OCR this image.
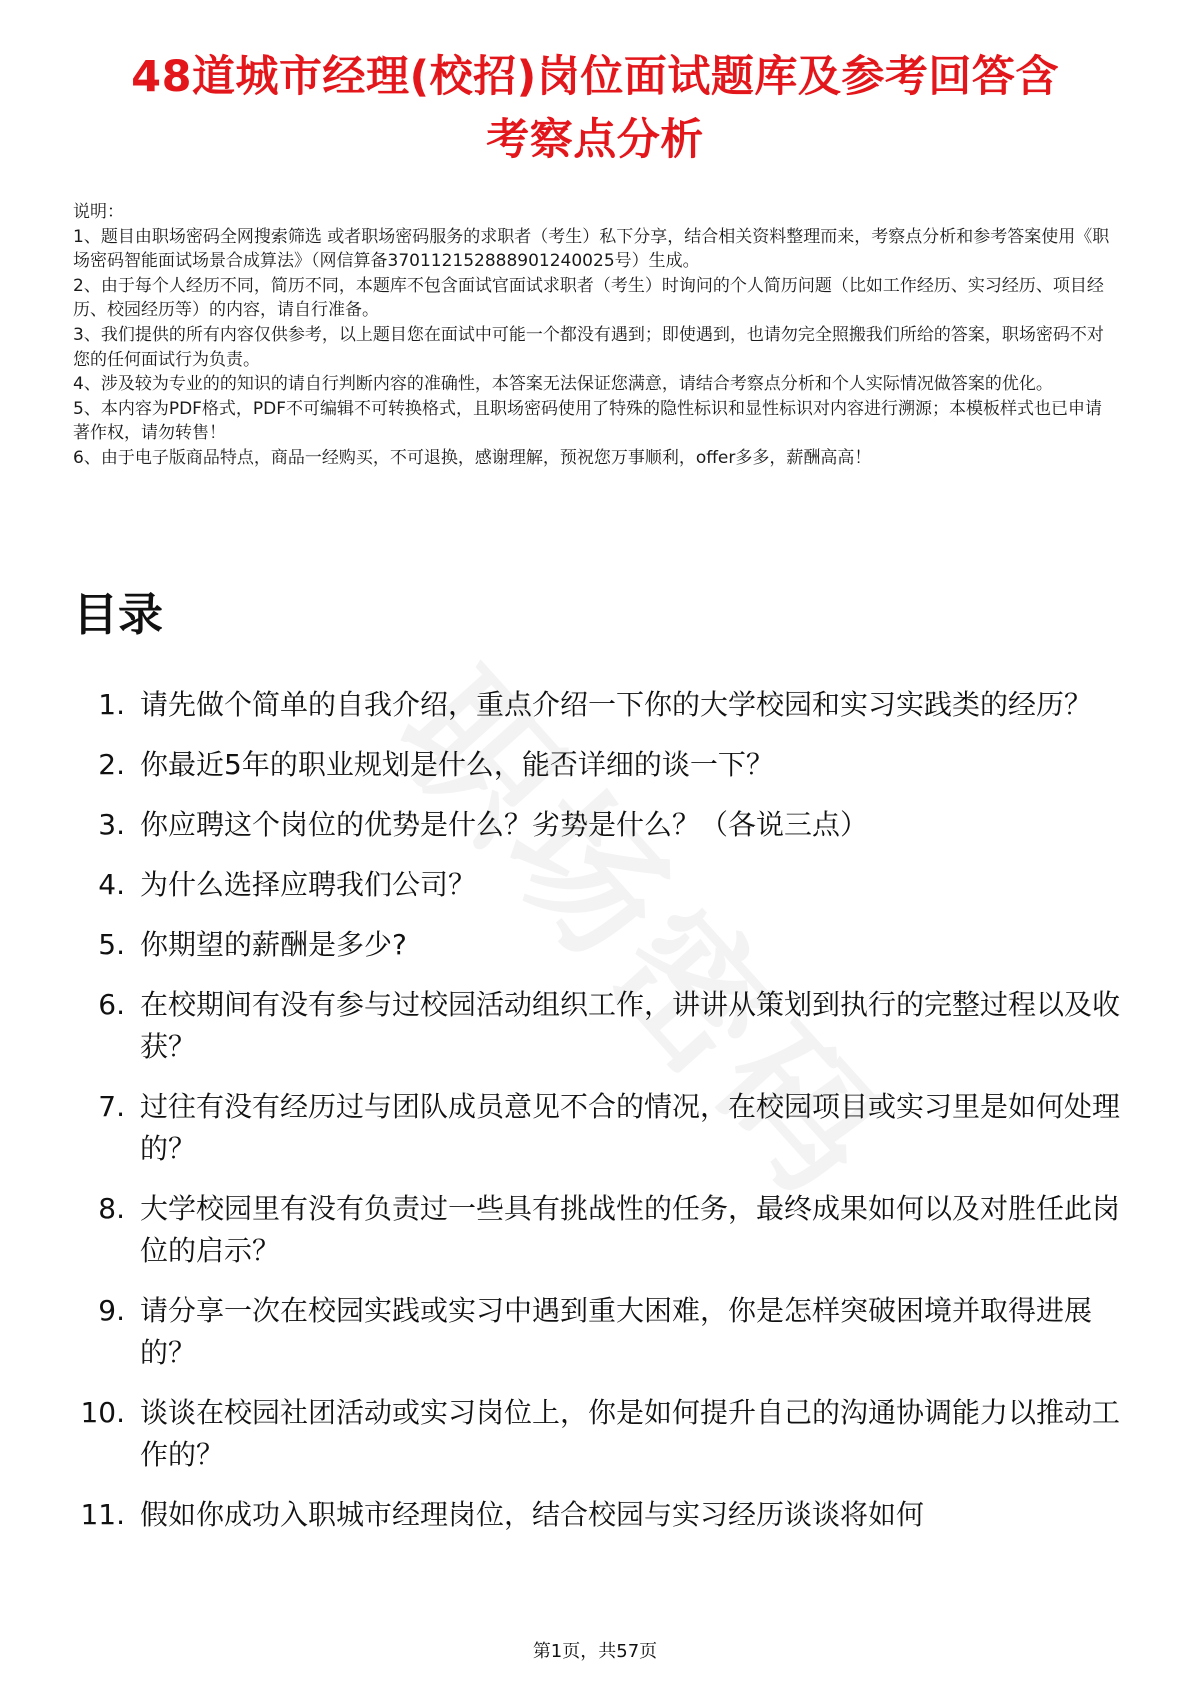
48道城市经理(校招)岗位面试题库及参考回答含
考察点分析

说明：

1、题目由职场密码全网搜索筛选 或者职场密码服务的求职者（考生）私下分享，结合相关资料整理而来，考察点分析和参考答案使用《职场密码智能面试场景合成算法》（网信算备370112152888901240025号）生成。

2、由于每个人经历不同，简历不同，本题库不包含面试官面试求职者（考生）时询问的个人简历问题（比如工作经历、实习经历、项目经历、校园经历等）的内容，请自行准备。

3、我们提供的所有内容仅供参考，以上题目您在面试中可能一个都没有遇到；即使遇到，也请勿完全照搬我们所给的答案，职场密码不对您的任何面试行为负责。

4、涉及较为专业的的知识的请自行判断内容的准确性，本答案无法保证您满意，请结合考察点分析和个人实际情况做答案的优化。

5、本内容为PDF格式，PDF不可编辑不可转换格式，且职场密码使用了特殊的隐性标识和显性标识对内容进行溯源；本模板样式也已申请著作权，请勿转售！

6、由于电子版商品特点，商品一经购买，不可退换，感谢理解，预祝您万事顺利，offer多多，薪酬高高！

目录
1. 请先做个简单的自我介绍，重点介绍一下你的大学校园和实习实践类的经历？
2. 你最近5年的职业规划是什么，能否详细的谈一下？
3. 你应聘这个岗位的优势是什么？劣势是什么？（各说三点）
4. 为什么选择应聘我们公司？
5. 你期望的薪酬是多少?
6. 在校期间有没有参与过校园活动组织工作，讲讲从策划到执行的完整过程以及收获？
7. 过往有没有经历过与团队成员意见不合的情况，在校园项目或实习里是如何处理的？
8. 大学校园里有没有负责过一些具有挑战性的任务，最终成果如何以及对胜任此岗位的启示？
9. 请分享一次在校园实践或实习中遇到重大困难，你是怎样突破困境并取得进展的？
10. 谈谈在校园社团活动或实习岗位上，你是如何提升自己的沟通协调能力以推动工作的？
11. 假如你成功入职城市经理岗位，结合校园与实习经历谈谈将如何
第1页，共57页
